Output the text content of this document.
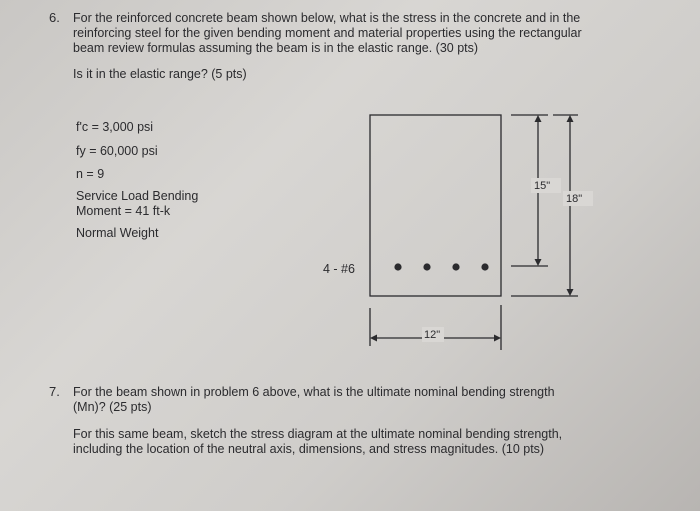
6. For the reinforced concrete beam shown below, what is the stress in the concrete and in the
reinforcing steel for the given bending moment and material properties using the rectangular
beam review formulas assuming the beam is in the elastic range. (30 pts)
Is it in the elastic range? (5 pts)
f'c = 3,000 psi
fy = 60,000 psi
n = 9
Service Load Bending
Moment = 41 ft-k
Normal Weight
15"
18"
12"
4 - #6
7. For the beam shown in problem 6 above, what is the ultimate nominal bending strength
(Mn)? (25 pts)
For this same beam, sketch the stress diagram at the ultimate nominal bending strength,
including the location of the neutral axis, dimensions, and stress magnitudes. (10 pts)
